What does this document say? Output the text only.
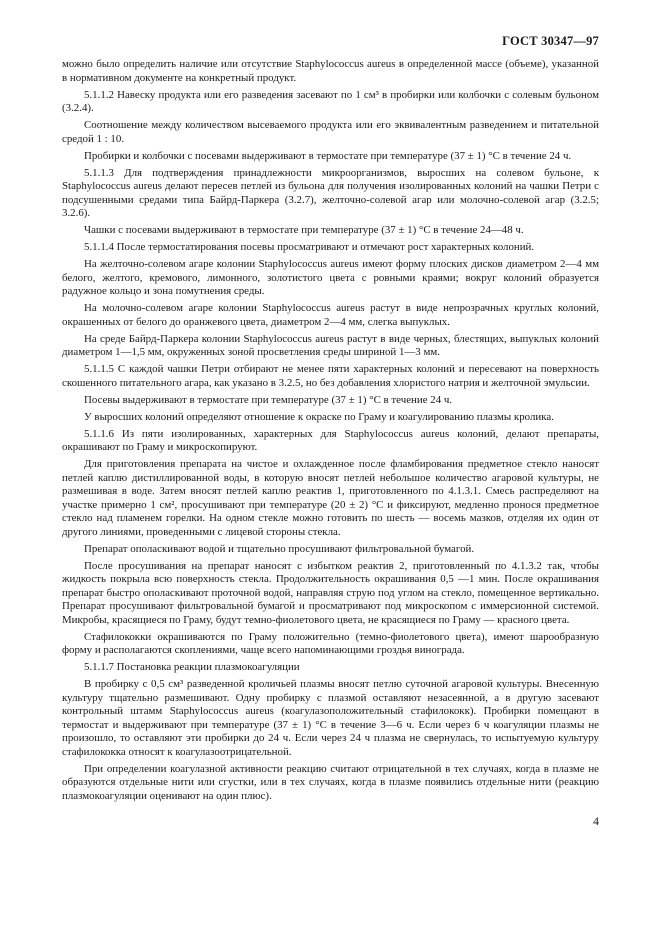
ГОСТ 30347—97

можно было определить наличие или отсутствие Staphylococcus aureus в определенной массе (объеме), указанной в нормативном документе на конкретный продукт.

5.1.1.2 Навеску продукта или его разведения засевают по 1 см³ в пробирки или колбочки с солевым бульоном (3.2.4).

Соотношение между количеством высеваемого продукта или его эквивалентным разведением и питательной средой 1 : 10.

Пробирки и колбочки с посевами выдерживают в термостате при температуре (37 ± 1) °С в течение 24 ч.

5.1.1.3 Для подтверждения принадлежности микроорганизмов, выросших на солевом бульоне, к Staphylococcus aureus делают пересев петлей из бульона для получения изолированных колоний на чашки Петри с подсушенными средами типа Байрд-Паркера (3.2.7), желточно-солевой агар или молочно-солевой агар (3.2.5; 3.2.6).

Чашки с посевами выдерживают в термостате при температуре (37 ± 1) °С в течение 24—48 ч.

5.1.1.4 После термостатирования посевы просматривают и отмечают рост характерных колоний.

На желточно-солевом агаре колонии Staphylococcus aureus имеют форму плоских дисков диаметром 2—4 мм белого, желтого, кремового, лимонного, золотистого цвета с ровными краями; вокруг колоний образуется радужное кольцо и зона помутнения среды.

На молочно-солевом агаре колонии Staphylococcus aureus растут в виде непрозрачных круглых колоний, окрашенных от белого до оранжевого цвета, диаметром 2—4 мм, слегка выпуклых.

На среде Байрд-Паркера колонии Staphylococcus aureus растут в виде черных, блестящих, выпуклых колоний диаметром 1—1,5 мм, окруженных зоной просветления среды шириной 1—3 мм.

5.1.1.5 С каждой чашки Петри отбирают не менее пяти характерных колоний и пересевают на поверхность скошенного питательного агара, как указано в 3.2.5, но без добавления хлористого натрия и желточной эмульсии.

Посевы выдерживают в термостате при температуре (37 ± 1) °С в течение 24 ч.

У выросших колоний определяют отношение к окраске по Граму и коагулированию плазмы кролика.

5.1.1.6 Из пяти изолированных, характерных для Staphylococcus aureus колоний, делают препараты, окрашивают по Граму и микроскопируют.

Для приготовления препарата на чистое и охлажденное после фламбирования предметное стекло наносят петлей каплю дистиллированной воды, в которую вносят петлей небольшое количество агаровой культуры, не размешивая в воде. Затем вносят петлей каплю реактив 1, приготовленного по 4.1.3.1. Смесь распределяют на участке примерно 1 см², просушивают при температуре (20 ± 2) °С и фиксируют, медленно пронося предметное стекло над пламенем горелки. На одном стекле можно готовить по шесть — восемь мазков, отделяя их один от другого линиями, проведенными с лицевой стороны стекла.

Препарат ополаскивают водой и тщательно просушивают фильтровальной бумагой.

После просушивания на препарат наносят с избытком реактив 2, приготовленный по 4.1.3.2 так, чтобы жидкость покрыла всю поверхность стекла. Продолжительность окрашивания 0,5 —1 мин. После окрашивания препарат быстро ополаскивают проточной водой, направляя струю под углом на стекло, помещенное вертикально. Препарат просушивают фильтровальной бумагой и просматривают под микроскопом с иммерсионной системой. Микробы, красящиеся по Граму, будут темно-фиолетового цвета, не красящиеся по Граму — красного цвета.

Стафилококки окрашиваются по Граму положительно (темно-фиолетового цвета), имеют шарообразную форму и располагаются скоплениями, чаще всего напоминающими гроздья винограда.

5.1.1.7 Постановка реакции плазмокоагуляции

В пробирку с 0,5 см³ разведенной кроличьей плазмы вносят петлю суточной агаровой культуры. Внесенную культуру тщательно размешивают. Одну пробирку с плазмой оставляют незасеянной, а в другую засевают контрольный штамм Staphylococcus aureus (коагулазоположительный стафилококк). Пробирки помещают в термостат и выдерживают при температуре (37 ± 1) °С в течение 3—6 ч. Если через 6 ч коагуляции плазмы не произошло, то оставляют эти пробирки до 24 ч. Если через 24 ч плазма не свернулась, то испытуемую культуру стафилококка относят к коагулазоотрицательной.

При определении коагулазной активности реакцию считают отрицательной в тех случаях, когда в плазме не образуются отдельные нити или сгустки, или в тех случаях, когда в плазме появились отдельные нити (реакцию плазмокоагуляции оценивают на один плюс).

4
